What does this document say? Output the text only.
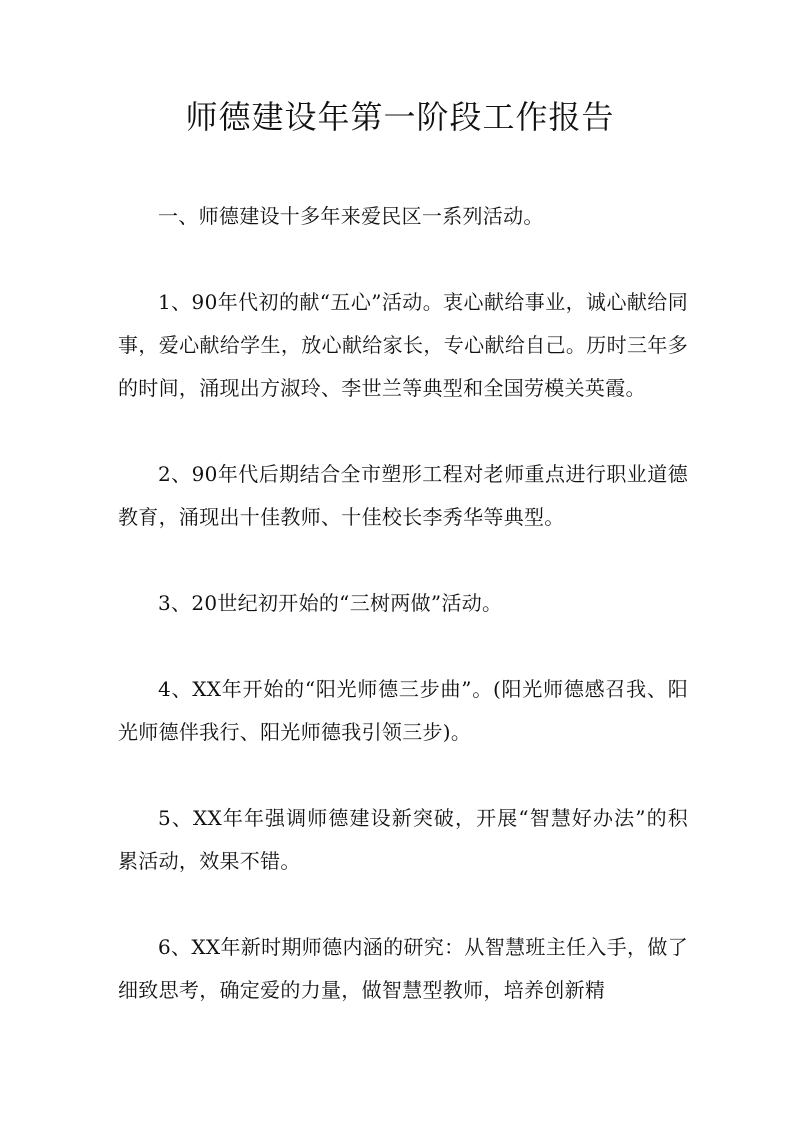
师德建设年第一阶段工作报告

一、师德建设十多年来爱民区一系列活动。

1、90年代初的献“五心”活动。衷心献给事业，诚心献给同事，爱心献给学生，放心献给家长，专心献给自己。历时三年多的时间，涌现出方淑玲、李世兰等典型和全国劳模关英霞。

2、90年代后期结合全市塑形工程对老师重点进行职业道德教育，涌现出十佳教师、十佳校长李秀华等典型。

3、20世纪初开始的“三树两做”活动。

4、XX年开始的“阳光师德三步曲”。(阳光师德感召我、阳光师德伴我行、阳光师德我引领三步)。

5、XX年年强调师德建设新突破，开展“智慧好办法”的积累活动，效果不错。

6、XX年新时期师德内涵的研究：从智慧班主任入手，做了细致思考，确定爱的力量，做智慧型教师，培养创新精
